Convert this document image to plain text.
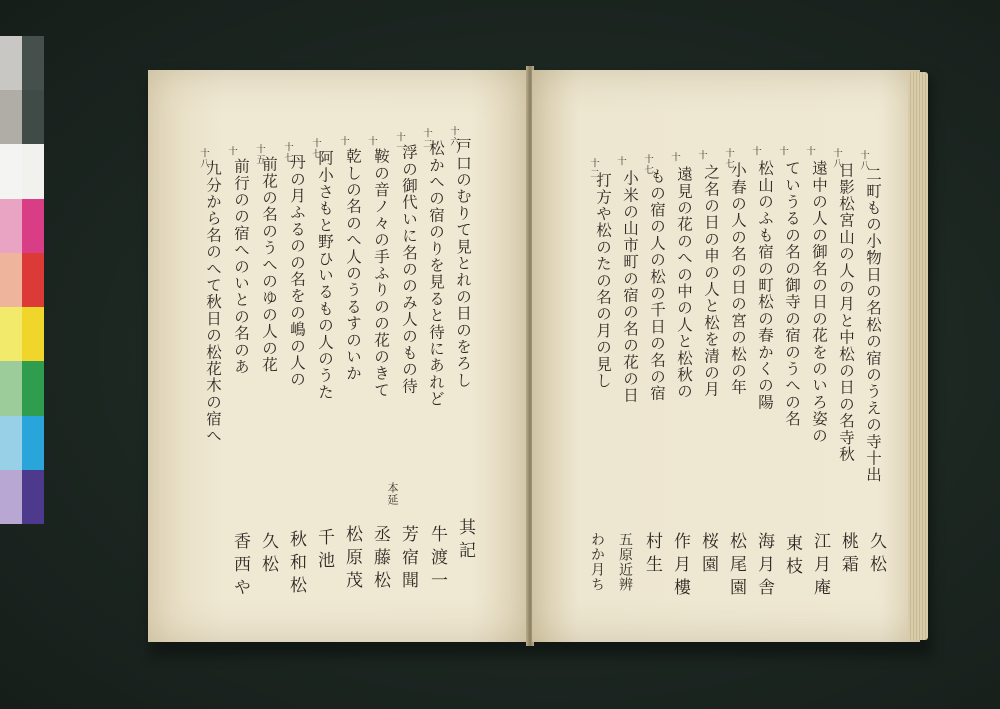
戸口のむりて見とれの日のをろし
松かへの宿のりを見ると待にあれど
浮の御代いに名ののみ人のもの待
鞍の音ノ々の手ふりのの花のきて
乾しの名のへ人のうるすのいか
阿小さもと野ひいるもの人のうた
丹の月ふるのの名をの嶋の人の
前花の名のうへのゆの人の花
前行のの宿へのいとの名のあ
九分から名のへて秋日の松花木の宿へ
十六
十二
十一
十
十
十七
十七
十五
十
十八
本延
其記
牛渡一
芳宿聞
丞藤松
松原茂
千池
秋和松
久松
香西や
二町もの小物日の名松の宿のうえの寺十出
日影松宮山の人の月と中松の日の名寺秋
遠中の人の御名の日の花をのいろ姿の
ていうるの名の御寺の宿のうへの名
松山のふも宿の町松の春かくの陽
小春の人の名の日の宮の松の年
之名の日の申の人と松を清の月
遠見の花のへの中の人と松秋の
もの宿の人の松の千日の名の宿
小米の山市町の宿の名の花の日
打方や松のたの名の月の見し
十八
十八
十
十
十
十七
十
十
十七
十
十二
久松
桃霜
江月庵
東枝
海月舎
松尾園
桜園
作月樓
村生
五原近辨
わか月ち
